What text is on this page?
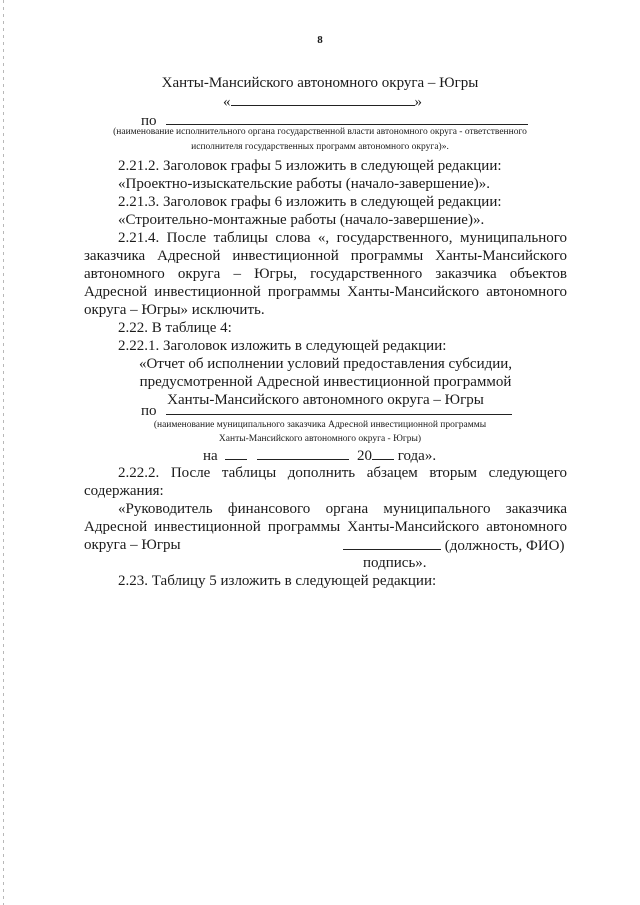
8
Ханты-Мансийского автономного округа – Югры
«	»
по
(наименование исполнительного органа государственной власти автономного округа - ответственного
исполнителя государственных программ автономного округа)».
2.21.2. Заголовок графы 5 изложить в следующей редакции:
«Проектно-изыскательские работы (начало-завершение)».
2.21.3. Заголовок графы 6 изложить в следующей редакции:
«Строительно-монтажные работы (начало-завершение)».
2.21.4. После таблицы слова «, государственного, муниципального
заказчика Адресной инвестиционной программы Ханты-Мансийского
автономного округа – Югры, государственного заказчика объектов
Адресной инвестиционной программы Ханты-Мансийского автономного
округа – Югры» исключить.
2.22. В таблице 4:
2.22.1. Заголовок изложить в следующей редакции:
«Отчет об исполнении условий предоставления субсидии,
предусмотренной Адресной инвестиционной программой
Ханты-Мансийского автономного округа – Югры
по
(наименование муниципального заказчика Адресной инвестиционной программы
Ханты-Мансийского автономного округа - Югры)
на	20 года».
2.22.2. После таблицы дополнить абзацем вторым следующего
содержания:
«Руководитель финансового органа муниципального заказчика
Адресной инвестиционной программы Ханты-Мансийского автономного
округа – Югры	(должность, ФИО)
подпись».
2.23. Таблицу 5 изложить в следующей редакции:
